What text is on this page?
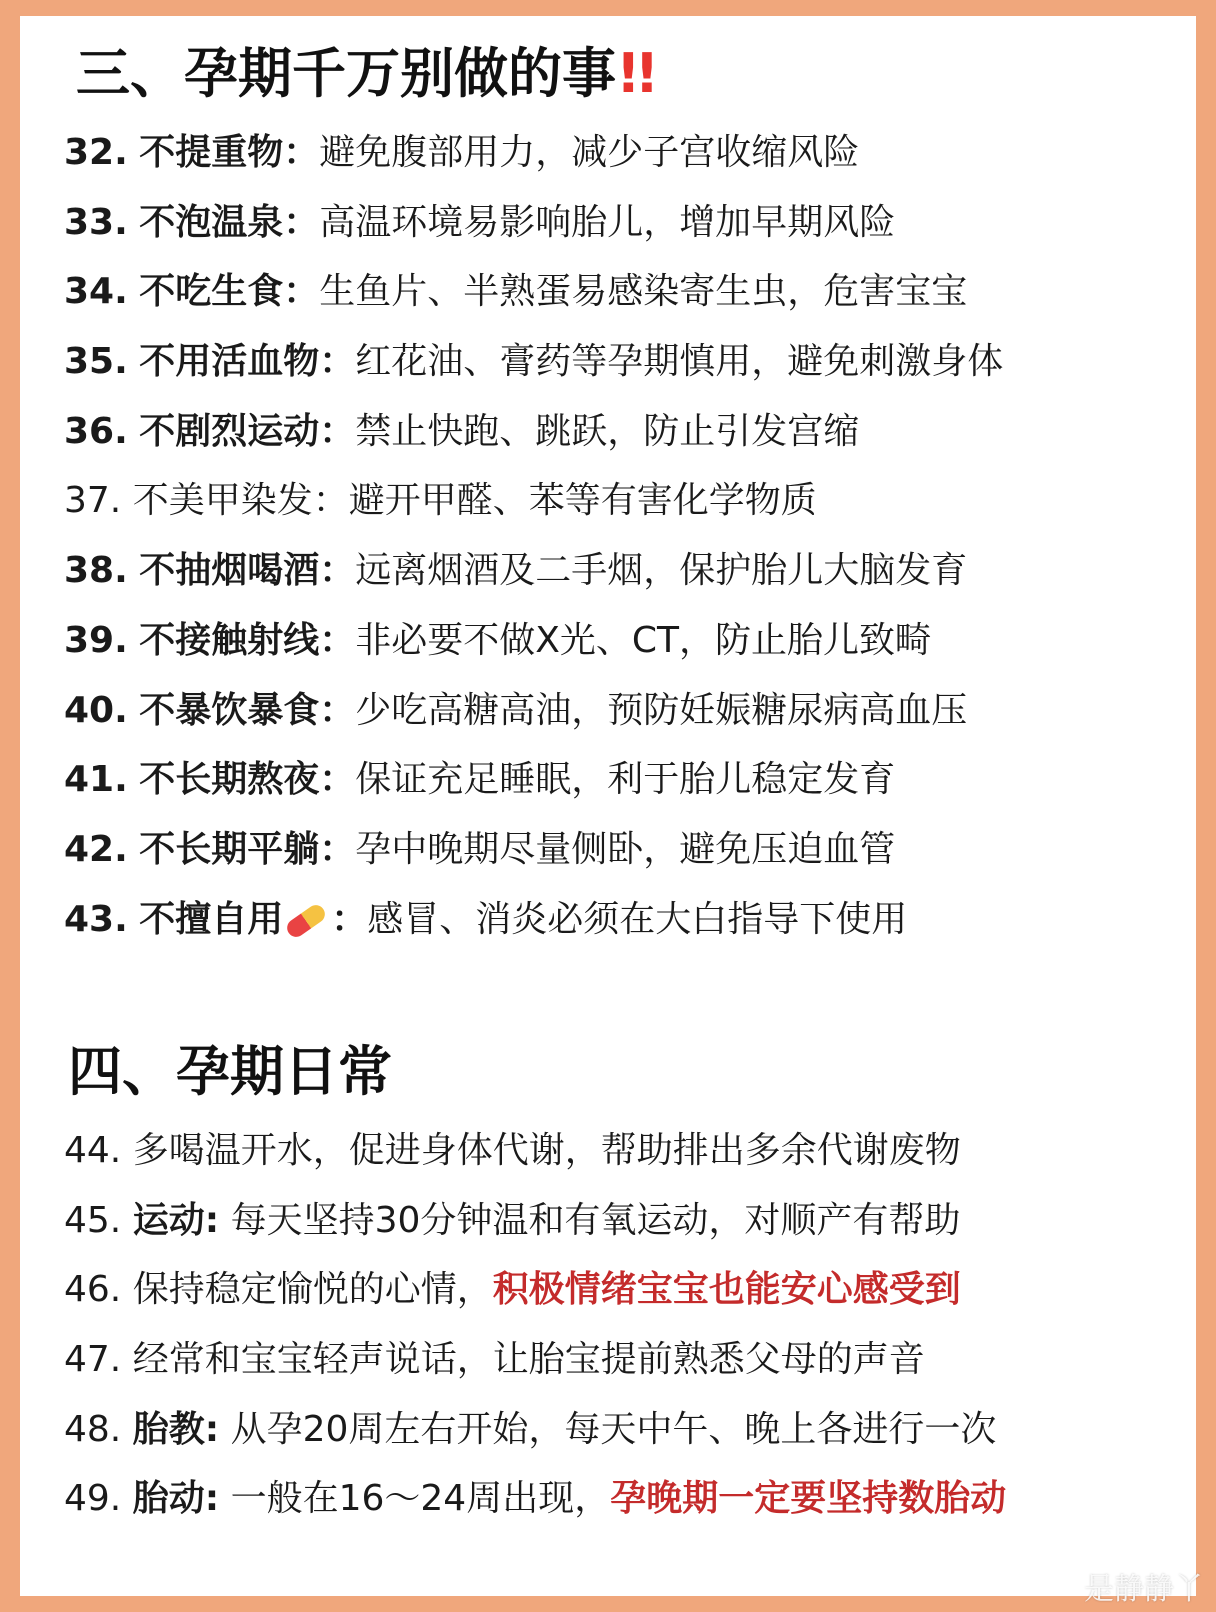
三、孕期千万别做的事!!
32. 不提重物：避免腹部用力，减少子宫收缩风险
33. 不泡温泉：高温环境易影响胎儿，增加早期风险
34. 不吃生食：生鱼片、半熟蛋易感染寄生虫，危害宝宝
35. 不用活血物：红花油、膏药等孕期慎用，避免刺激身体
36. 不剧烈运动：禁止快跑、跳跃，防止引发宫缩
37. 不美甲染发：避开甲醛、苯等有害化学物质
38. 不抽烟喝酒：远离烟酒及二手烟，保护胎儿大脑发育
39. 不接触射线：非必要不做X光、CT，防止胎儿致畸
40. 不暴饮暴食：少吃高糖高油，预防妊娠糖尿病高血压
41. 不长期熬夜：保证充足睡眠，利于胎儿稳定发育
42. 不长期平躺：孕中晚期尽量侧卧，避免压迫血管
43. 不擅自用 ：感冒、消炎必须在大白指导下使用
四、孕期日常
44. 多喝温开水，促进身体代谢，帮助排出多余代谢废物
45. 运动: 每天坚持30分钟温和有氧运动，对顺产有帮助
46. 保持稳定愉悦的心情，积极情绪宝宝也能安心感受到
47. 经常和宝宝轻声说话，让胎宝提前熟悉父母的声音
48. 胎教: 从孕20周左右开始，每天中午、晚上各进行一次
49. 胎动: 一般在16～24周出现，孕晚期一定要坚持数胎动
是静静丫
